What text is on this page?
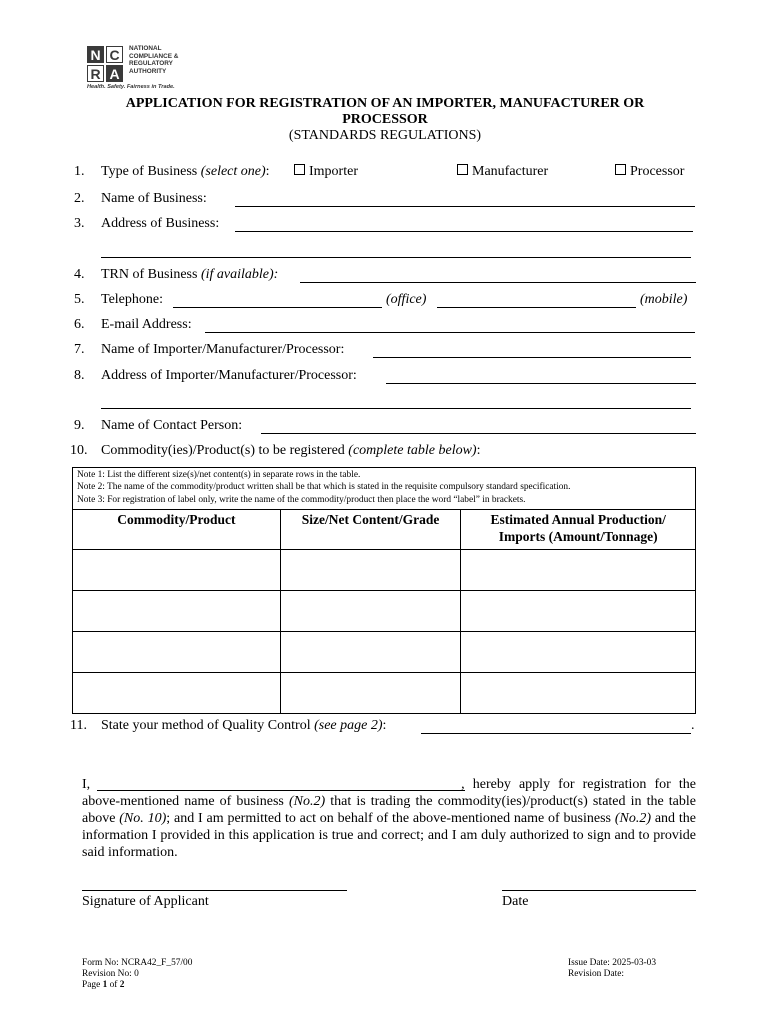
N C
R A
NATIONAL
COMPLIANCE &
REGULATORY
AUTHORITY
Health. Safety. Fairness in Trade.
APPLICATION FOR REGISTRATION OF AN IMPORTER, MANUFACTURER OR
PROCESSOR
(STANDARDS REGULATIONS)
1. Type of Business (select one):	Importer	Manufacturer	Processor
2. Name of Business:
3. Address of Business:
4. TRN of Business (if available):
5. Telephone:	(office)	(mobile)
6. E-mail Address:
7. Name of Importer/Manufacturer/Processor:
8. Address of Importer/Manufacturer/Processor:
9. Name of Contact Person:
10. Commodity(ies)/Product(s) to be registered (complete table below):
Note 1: List the different size(s)/net content(s) in separate rows in the table.
Note 2: The name of the commodity/product written shall be that which is stated in the requisite compulsory standard specification.
Note 3: For registration of label only, write the name of the commodity/product then place the word “label” in brackets.
Commodity/Product	Size/Net Content/Grade	Estimated Annual Production/
Imports (Amount/Tonnage)

11. State your method of Quality Control (see page 2):	.
I,	, hereby apply for registration for the above-mentioned name of business (No.2) that is trading the commodity(ies)/product(s) stated in the table above (No. 10); and I am permitted to act on behalf of the above-mentioned name of business (No.2) and the information I provided in this application is true and correct; and I am duly authorized to sign and to provide said information.
Signature of Applicant	Date
Form No: NCRA42_F_57/00
Revision No: 0
Page 1 of 2
Issue Date: 2025-03-03
Revision Date:
